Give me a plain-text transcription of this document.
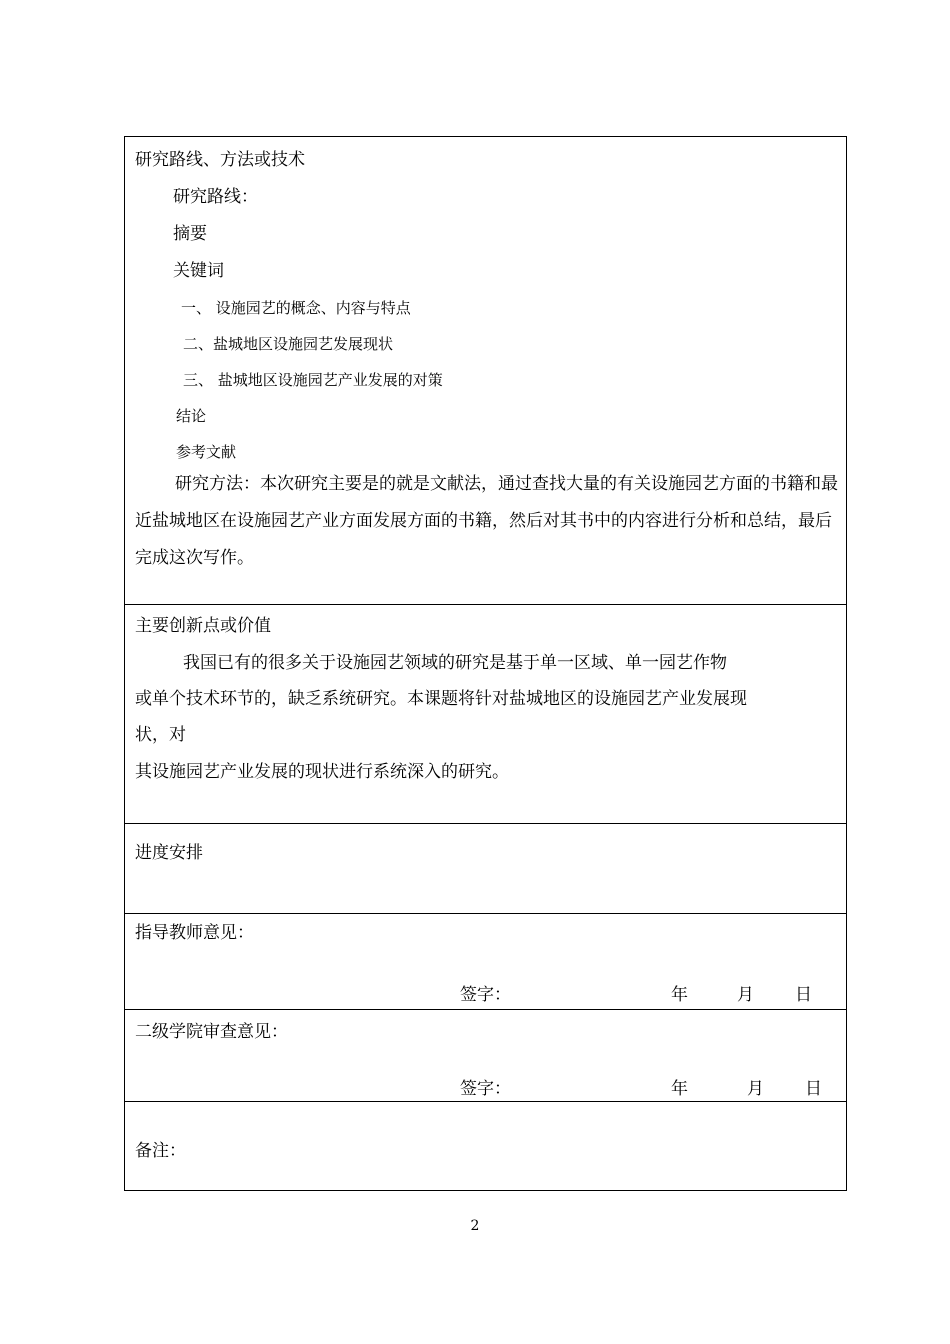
研究路线、方法或技术
研究路线：
摘要
关键词
一、 设施园艺的概念、内容与特点
二、盐城地区设施园艺发展现状
三、 盐城地区设施园艺产业发展的对策
结论
参考文献
研究方法：本次研究主要是的就是文献法，通过查找大量的有关设施园艺方面的书籍和最近盐城地区在设施园艺产业方面发展方面的书籍，然后对其书中的内容进行分析和总结，最后完成这次写作。
主要创新点或价值
我国已有的很多关于设施园艺领域的研究是基于单一区域、单一园艺作物
或单个技术环节的，缺乏系统研究。本课题将针对盐城地区的设施园艺产业发展现
状，对
其设施园艺产业发展的现状进行系统深入的研究。
进度安排
指导教师意见：
签字：	年	月 日
二级学院审查意见：
签字：	年	月 日
备注：
2
